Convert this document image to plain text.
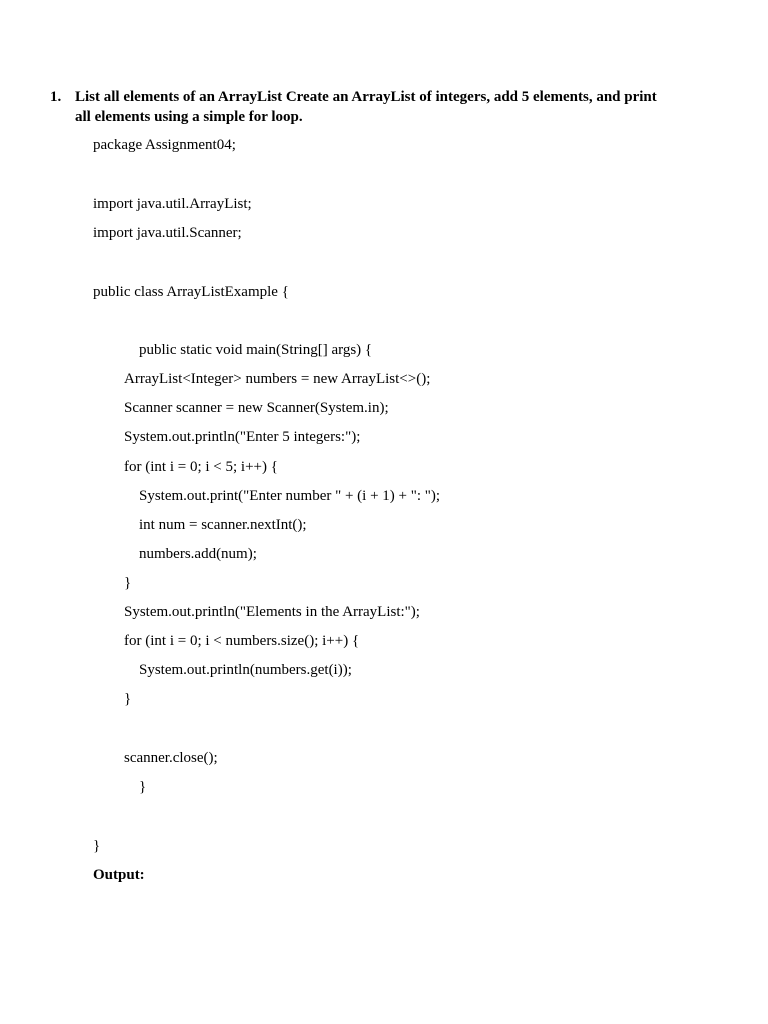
1. List all elements of an ArrayList Create an ArrayList of integers, add 5 elements, and print
all elements using a simple for loop.
package Assignment04;
import java.util.ArrayList;
import java.util.Scanner;
public class ArrayListExample {
public static void main(String[] args) {
ArrayList<Integer> numbers = new ArrayList<>();
Scanner scanner = new Scanner(System.in);
System.out.println("Enter 5 integers:");
for (int i = 0; i < 5; i++) {
System.out.print("Enter number " + (i + 1) + ": ");
int num = scanner.nextInt();
numbers.add(num);
}
System.out.println("Elements in the ArrayList:");
for (int i = 0; i < numbers.size(); i++) {
System.out.println(numbers.get(i));
}
scanner.close();
}
}
Output:
